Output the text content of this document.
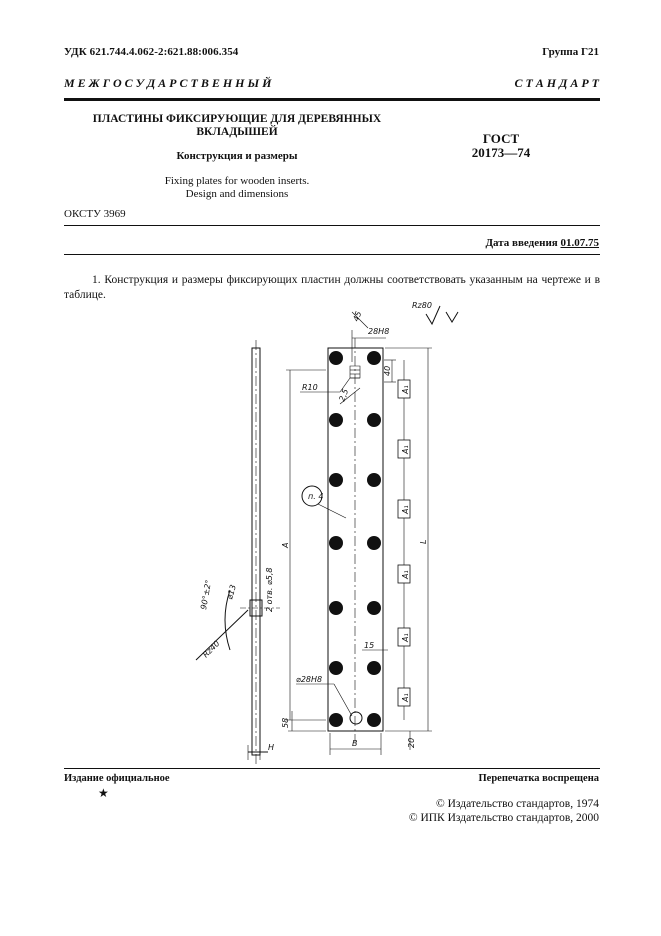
УДК 621.744.4.062-2:621.88:006.354	Группа Г21
М Е Ж Г О С У Д А Р С Т В Е Н Н Ы Й	С Т А Н Д А Р Т
ПЛАСТИНЫ ФИКСИРУЮЩИЕ ДЛЯ ДЕРЕВЯННЫХ
ВКЛАДЫШЕЙ
Конструкция и размеры
Fixing plates for wooden inserts.
Design and dimensions
ГОСТ
20173—74
ОКСТУ 3969
Дата введения 01.07.75
1. Конструкция и размеры фиксирующих пластин должны соответствовать указанным на чертеже и в таблице.
Rz80
28H8
45
2,5
40
R10
п. 4
A
L
A₁
A₁
A₁
A₁
A₁
A₁
2 отв. ⌀5,8
⌀13
90°±2°
Rz40	15
⌀28H8
58
H	B	20
Издание официальное	Перепечатка воспрещена
★
© Издательство стандартов, 1974
© ИПК Издательство стандартов, 2000
